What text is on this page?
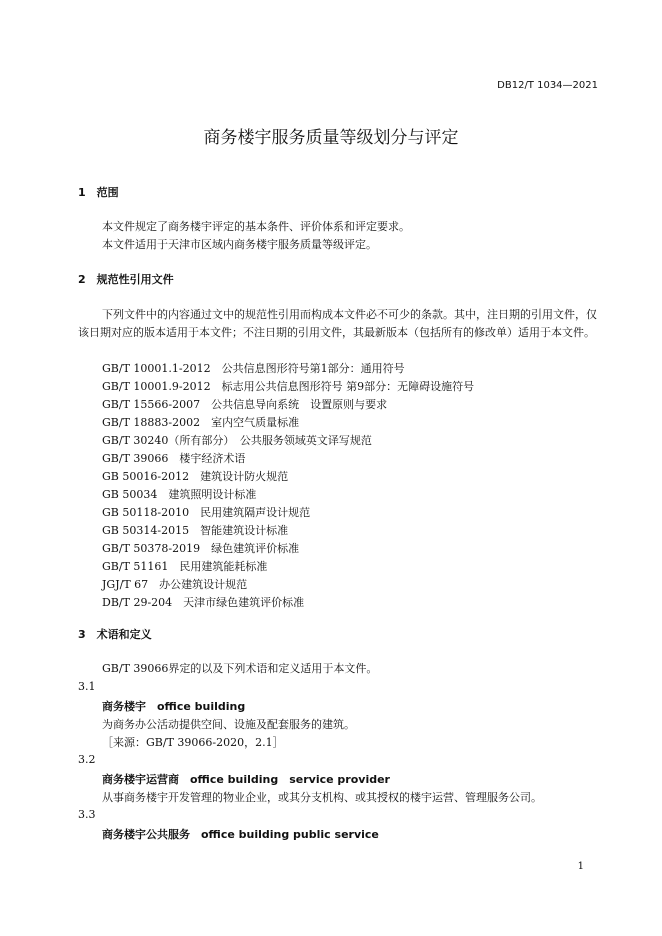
DB12/T 1034—2021
商务楼宇服务质量等级划分与评定
1　范围
本文件规定了商务楼宇评定的基本条件、评价体系和评定要求。
本文件适用于天津市区域内商务楼宇服务质量等级评定。
2　规范性引用文件
下列文件中的内容通过文中的规范性引用而构成本文件必不可少的条款。其中，注日期的引用文件，仅该日期对应的版本适用于本文件；不注日期的引用文件，其最新版本（包括所有的修改单）适用于本文件。
GB/T 10001.1-2012　公共信息图形符号第1部分：通用符号
GB/T 10001.9-2012　标志用公共信息图形符号 第9部分：无障碍设施符号
GB/T 15566-2007　公共信息导向系统　设置原则与要求
GB/T 18883-2002　室内空气质量标准
GB/T 30240（所有部分）　公共服务领域英文译写规范
GB/T 39066　楼宇经济术语
GB 50016-2012　建筑设计防火规范
GB 50034　建筑照明设计标准
GB 50118-2010　民用建筑隔声设计规范
GB 50314-2015　智能建筑设计标准
GB/T 50378-2019　绿色建筑评价标准
GB/T 51161　民用建筑能耗标准
JGJ/T 67　办公建筑设计规范
DB/T 29-204　天津市绿色建筑评价标准
3　术语和定义
GB/T 39066界定的以及下列术语和定义适用于本文件。
3.1
商务楼宇　office building
为商务办公活动提供空间、设施及配套服务的建筑。
［来源：GB/T 39066-2020，2.1］
3.2
商务楼宇运营商　office building　service provider
从事商务楼宇开发管理的物业企业，或其分支机构、或其授权的楼宇运营、管理服务公司。
3.3
商务楼宇公共服务　office building public service
1
